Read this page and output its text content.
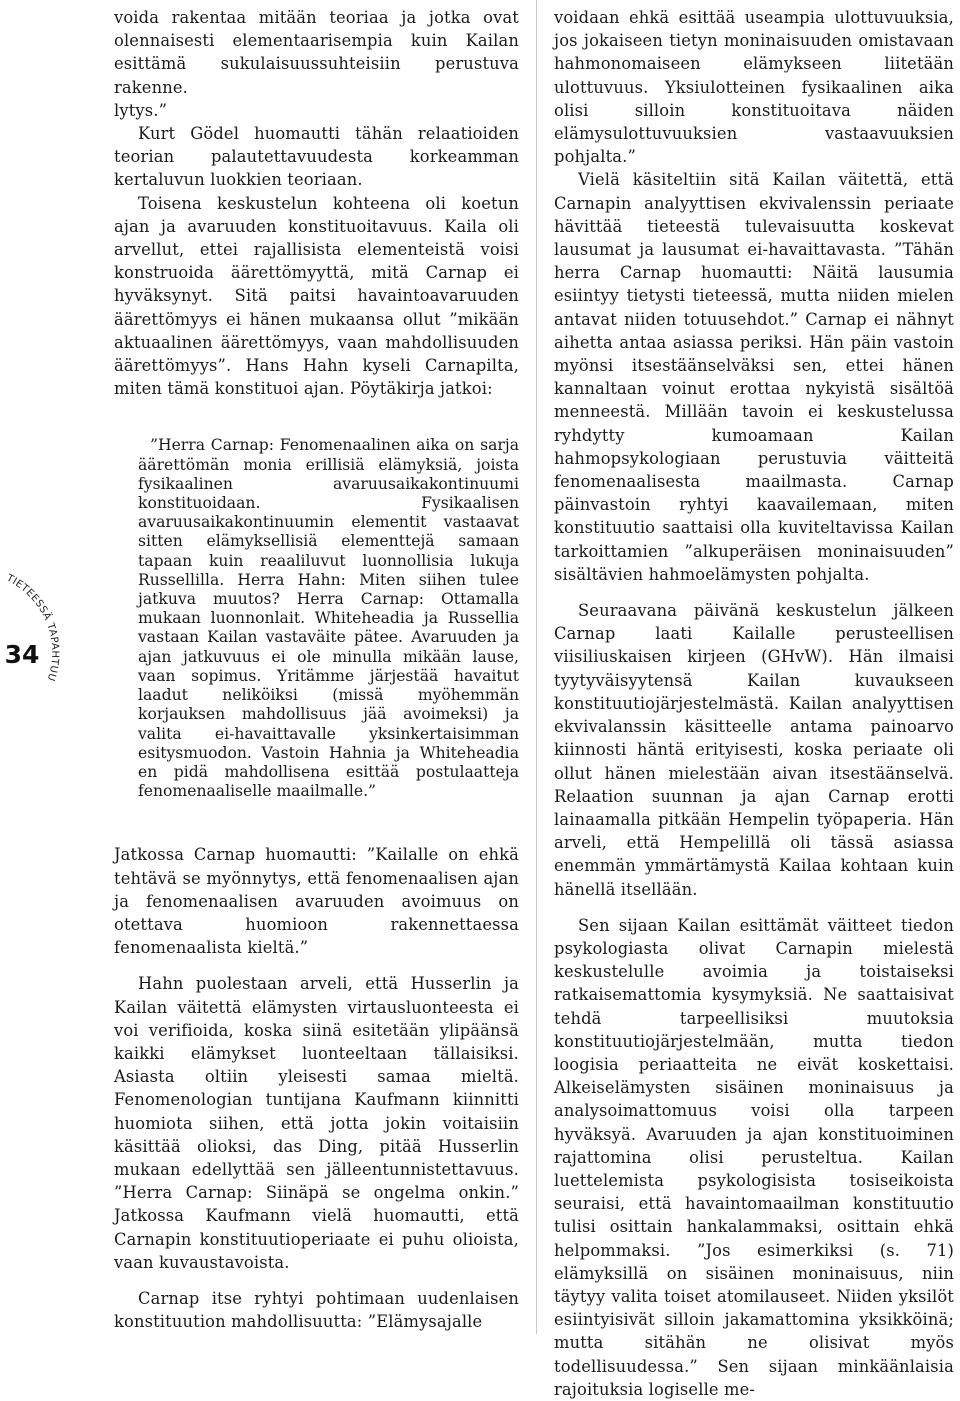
TIETEESSÄ TAPAHTUU
34

voida rakentaa mitään teoriaa ja jotka ovat olennaisesti elementaarisempia kuin Kailan esittämä sukulaisuussuhteisiin perustuva rakenne.

lytys.”

Kurt Gödel huomautti tähän relaatioiden teorian palautettavuudesta korkeamman kertaluvun luokkien teoriaan.

Toisena keskustelun kohteena oli koetun ajan ja avaruuden konstituoitavuus. Kaila oli arvellut, ettei rajallisista elementeistä voisi konstruoida äärettömyyttä, mitä Carnap ei hyväksynyt. Sitä paitsi havaintoavaruuden äärettömyys ei hänen mukaansa ollut ”mikään aktuaalinen äärettömyys, vaan mahdollisuuden äärettömyys”. Hans Hahn kyseli Carnapilta, miten tämä konstituoi ajan. Pöytäkirja jatkoi:

”Herra Carnap: Fenomenaalinen aika on sarja äärettömän monia erillisiä elämyksiä, joista fysikaalinen avaruusaikakontinuumi konstituoidaan. Fysikaalisen avaruusaikakontinuumin elementit vastaavat sitten elämyksellisiä elementtejä samaan tapaan kuin reaaliluvut luonnollisia lukuja Russellilla. Herra Hahn: Miten siihen tulee jatkuva muutos? Herra Carnap: Ottamalla mukaan luonnonlait. Whiteheadia ja Russellia vastaan Kailan vastaväite pätee. Avaruuden ja ajan jatkuvuus ei ole minulla mikään lause, vaan sopimus. Yritämme järjestää havaitut laadut neliköiksi (missä myöhemmän korjauksen mahdollisuus jää avoimeksi) ja valita ei-havaittavalle yksinkertaisimman esitysmuodon. Vastoin Hahnia ja Whiteheadia en pidä mahdollisena esittää postulaatteja fenomenaaliselle maailmalle.”

Jatkossa Carnap huomautti: ”Kailalle on ehkä tehtävä se myönnytys, että fenomenaalisen ajan ja fenomenaalisen avaruuden avoimuus on otettava huomioon rakennettaessa fenomenaalista kieltä.”

Hahn puolestaan arveli, että Husserlin ja Kailan väitettä elämysten virtausluonteesta ei voi verifioida, koska siinä esitetään ylipäänsä kaikki elämykset luonteeltaan tällaisiksi. Asiasta oltiin yleisesti samaa mieltä. Fenomenologian tuntijana Kaufmann kiinnitti huomiota siihen, että jotta jokin voitaisiin käsittää olioksi, das Ding, pitää Husserlin mukaan edellyttää sen jälleentunnistettavuus. ”Herra Carnap: Siinäpä se ongelma onkin.” Jatkossa Kaufmann vielä huomautti, että Carnapin konstituutioperiaate ei puhu olioista, vaan kuvaustavoista.

Carnap itse ryhtyi pohtimaan uudenlaisen konstituution mahdollisuutta: ”Elämysajalle

voidaan ehkä esittää useampia ulottuvuuksia, jos jokaiseen tietyn moninaisuuden omistavaan hahmonomaiseen elämykseen liitetään ulottuvuus. Yksiulotteinen fysikaalinen aika olisi silloin konstituoitava näiden elämysulottuvuuksien vastaavuuksien pohjalta.”

Vielä käsiteltiin sitä Kailan väitettä, että Carnapin analyyttisen ekvivalenssin periaate hävittää tieteestä tulevaisuutta koskevat lausumat ja lausumat ei-havaittavasta. ”Tähän herra Carnap huomautti: Näitä lausumia esiintyy tietysti tieteessä, mutta niiden mielen antavat niiden totuusehdot.” Carnap ei nähnyt aihetta antaa asiassa periksi. Hän päin vastoin myönsi itsestäänselväksi sen, ettei hänen kannaltaan voinut erottaa nykyistä sisältöä menneestä. Millään tavoin ei keskustelussa ryhdytty kumoamaan Kailan hahmopsykologiaan perustuvia väitteitä fenomenaalisesta maailmasta. Carnap päinvastoin ryhtyi kaavailemaan, miten konstituutio saattaisi olla kuviteltavissa Kailan tarkoittamien ”alkuperäisen moninaisuuden” sisältävien hahmoelämysten pohjalta.

Seuraavana päivänä keskustelun jälkeen Carnap laati Kailalle perusteellisen viisiliuskaisen kirjeen (GHvW). Hän ilmaisi tyytyväisyytensä Kailan kuvaukseen konstituutiojärjestelmästä. Kailan analyyttisen ekvivalanssin käsitteelle antama painoarvo kiinnosti häntä erityisesti, koska periaate oli ollut hänen mielestään aivan itsestäänselvä. Relaation suunnan ja ajan Carnap erotti lainaamalla pitkään Hempelin työpaperia. Hän arveli, että Hempelillä oli tässä asiassa enemmän ymmärtämystä Kailaa kohtaan kuin hänellä itsellään.

Sen sijaan Kailan esittämät väitteet tiedon psykologiasta olivat Carnapin mielestä keskustelulle avoimia ja toistaiseksi ratkaisemattomia kysymyksiä. Ne saattaisivat tehdä tarpeellisiksi muutoksia konstituutiojärjestelmään, mutta tiedon loogisia periaatteita ne eivät koskettaisi. Alkeiselämysten sisäinen moninaisuus ja analysoimattomuus voisi olla tarpeen hyväksyä. Avaruuden ja ajan konstituoiminen rajattomina olisi perusteltua. Kailan luettelemista psykologisista tosiseikoista seuraisi, että havaintomaailman konstituutio tulisi osittain hankalammaksi, osittain ehkä helpommaksi. ”Jos esimerkiksi (s. 71) elämyksillä on sisäinen moninaisuus, niin täytyy valita toiset atomilauseet. Niiden yksilöt esiintyisivät silloin jakamattomina yksikköinä; mutta sitähän ne olisivat myös todellisuudessa.” Sen sijaan minkäänlaisia rajoituksia logiselle me-
